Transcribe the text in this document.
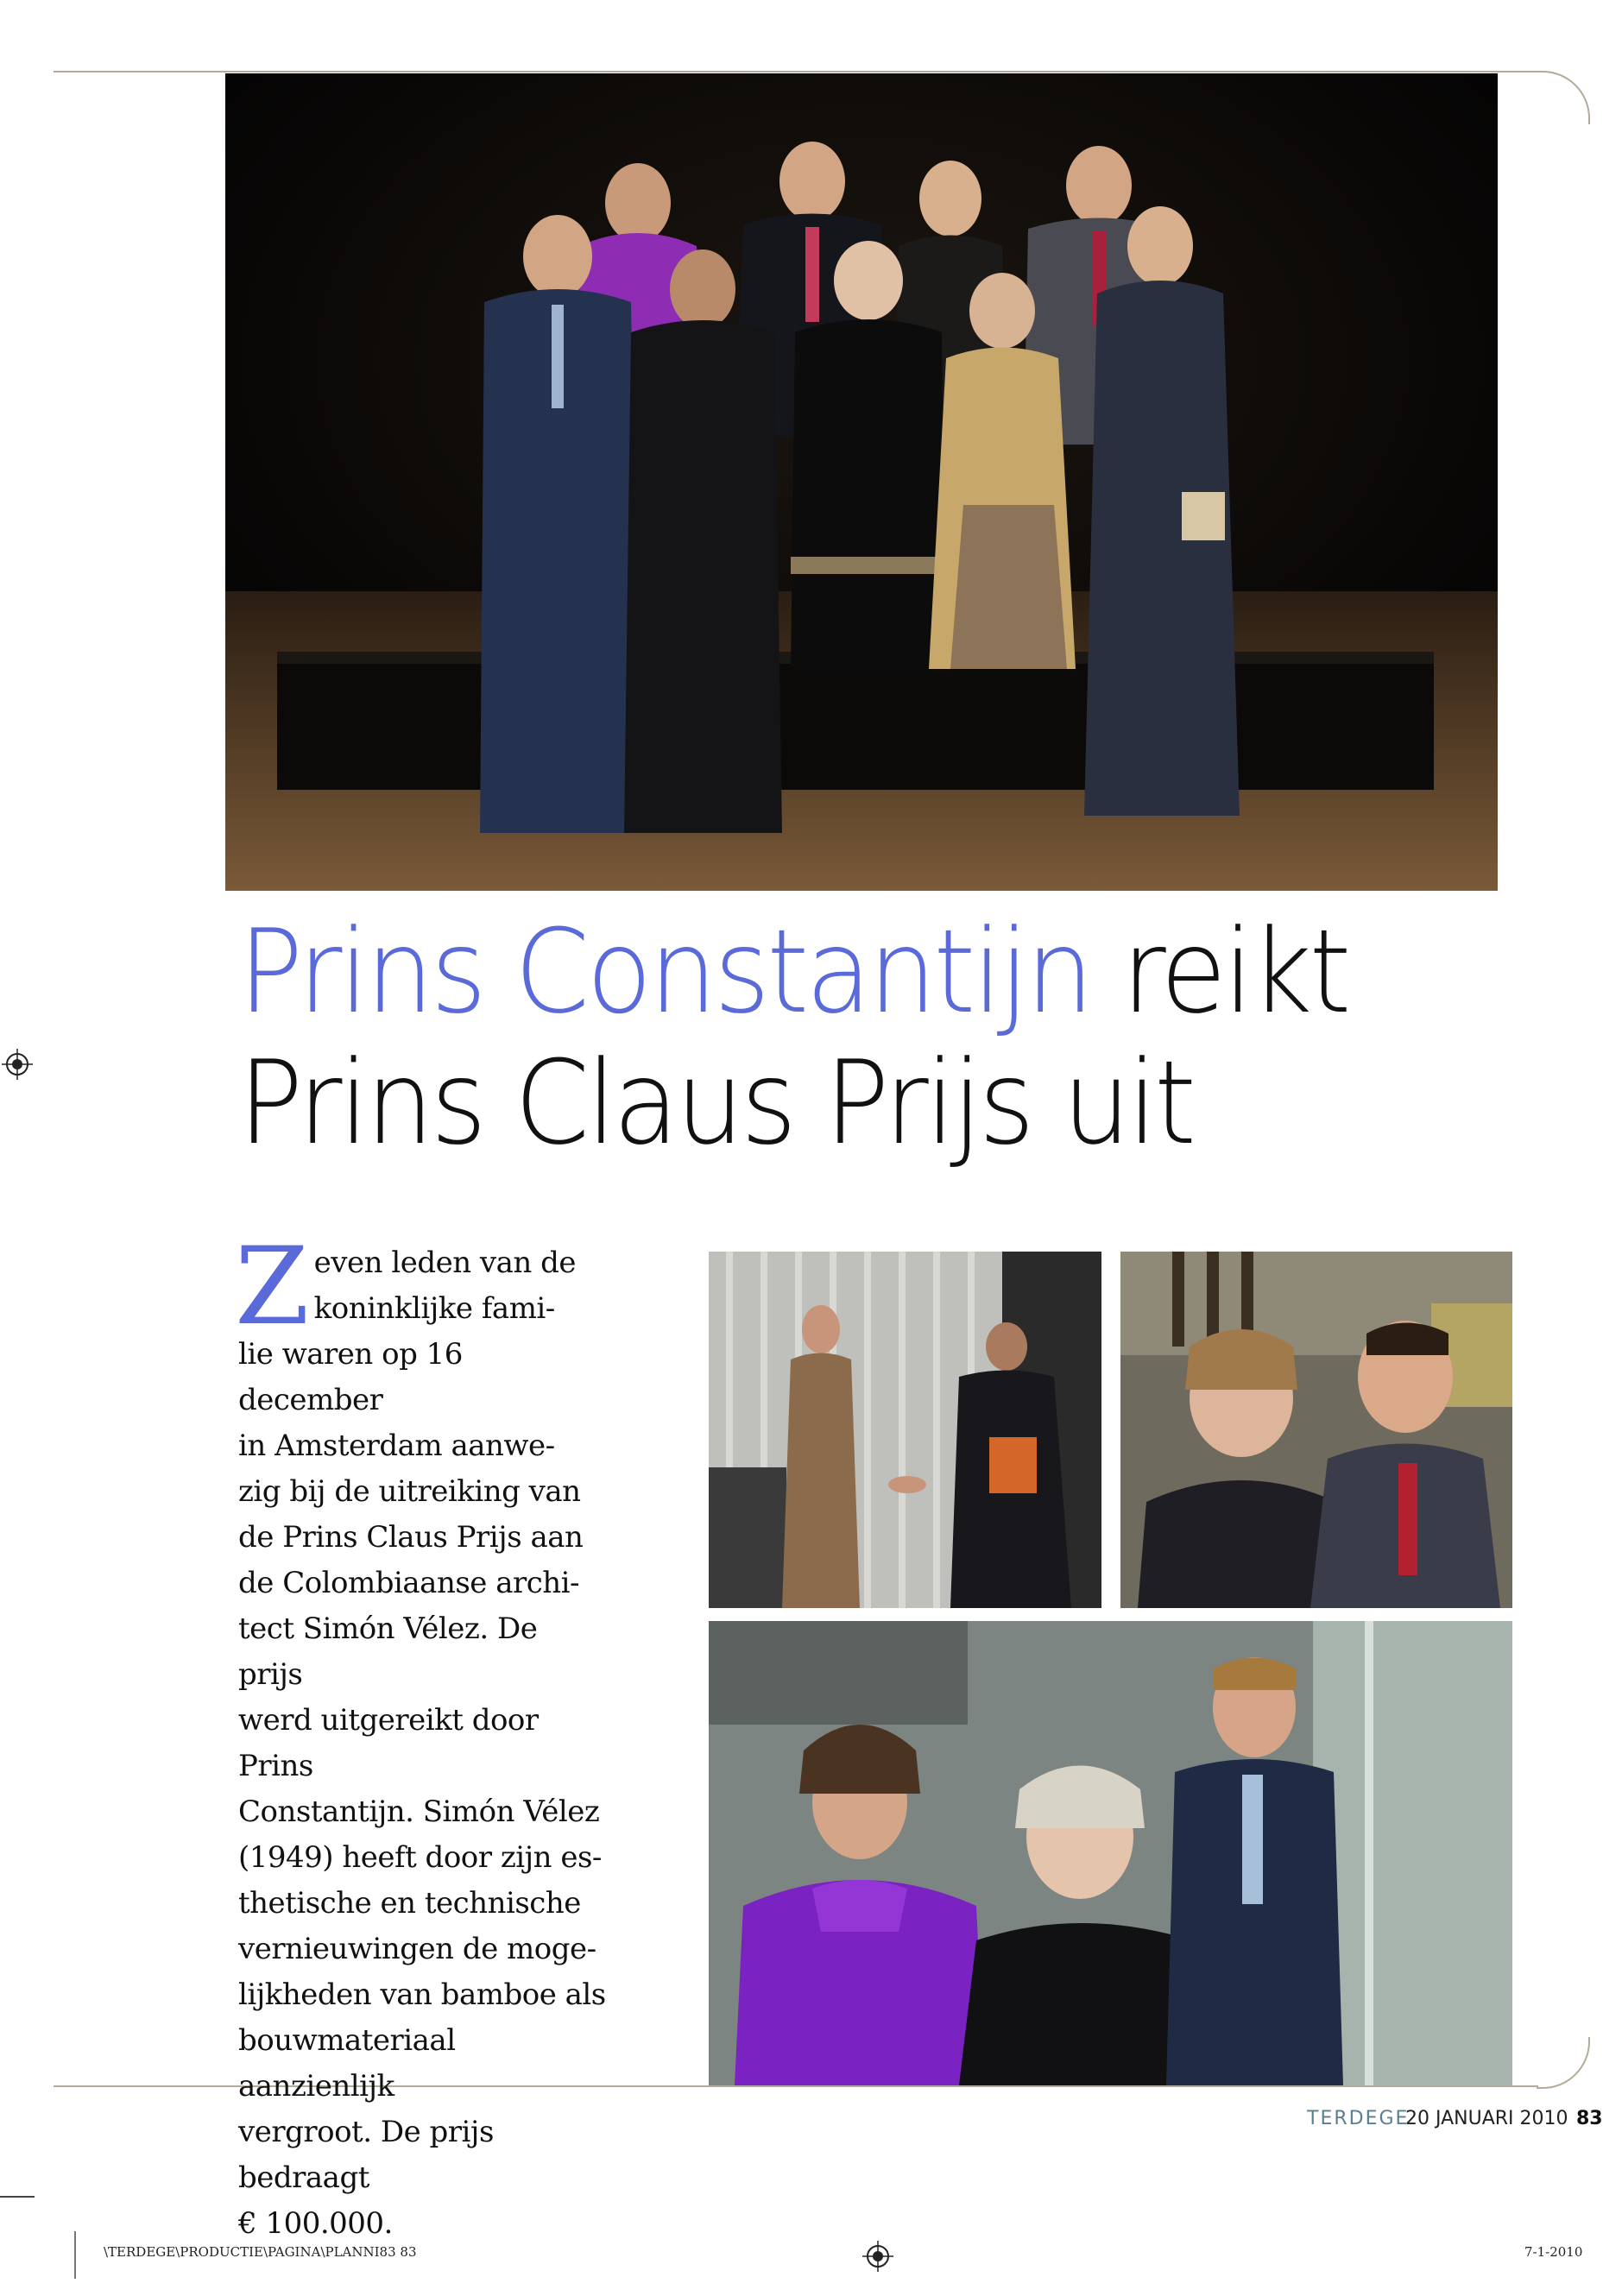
Prins Constantijn reikt
Prins Claus Prijs uit
Z even leden van de
koninklijke fami-
lie waren op 16 december
in Amsterdam aanwe-
zig bij de uitreiking van
de Prins Claus Prijs aan
de Colombiaanse archi-
tect Simón Vélez. De prijs
werd uitgereikt door Prins
Constantijn. Simón Vélez
(1949) heeft door zijn es-
thetische en technische
vernieuwingen de moge-
lijkheden van bamboe als
bouwmateriaal aanzienlijk
vergroot. De prijs bedraagt
€ 100.000.
TERDEGE
20 JANUARI 2010 83
\TERDEGE\PRODUCTIE\PAGINA\PLANNI83 83	7-1-2010
